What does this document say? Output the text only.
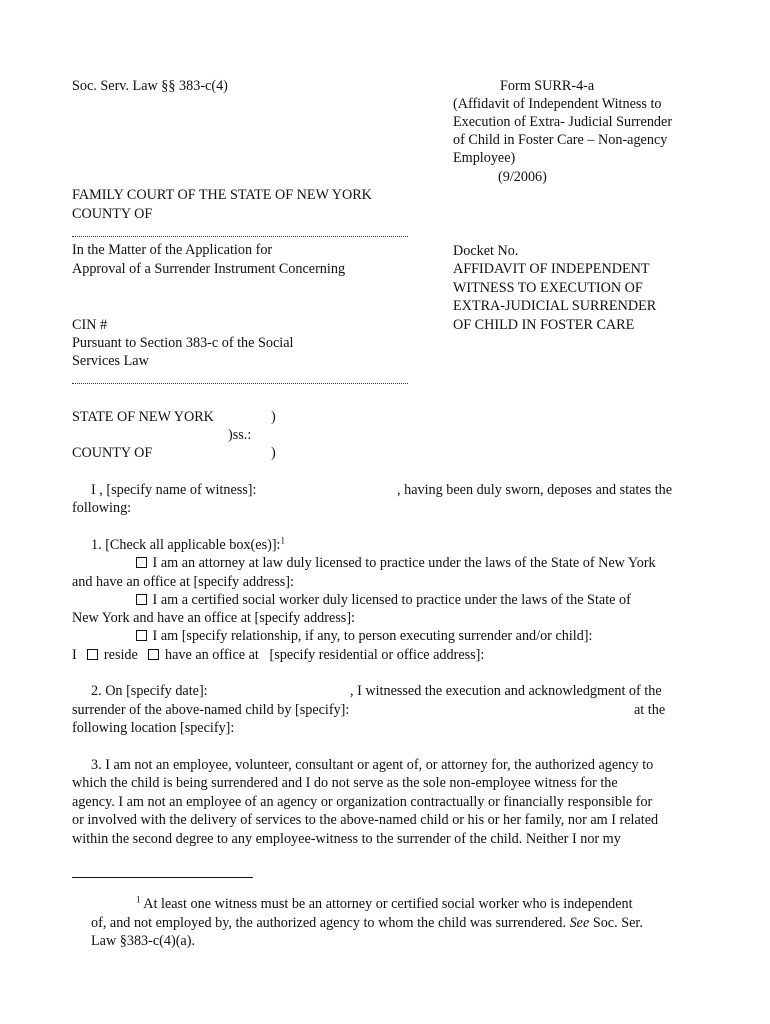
Soc. Serv. Law §§ 383-c(4)	Form SURR-4-a
(Affidavit of Independent Witness to
Execution of Extra- Judicial Surrender
of Child in Foster Care – Non-agency
Employee)
(9/2006)
FAMILY COURT OF THE STATE OF NEW YORK
COUNTY OF
In the Matter of the Application for
Approval of a Surrender Instrument Concerning
CIN #
Pursuant to Section 383-c of the Social
Services Law
Docket No.
AFFIDAVIT OF INDEPENDENT
WITNESS TO EXECUTION OF
EXTRA-JUDICIAL SURRENDER
OF CHILD IN FOSTER CARE
STATE OF NEW YORK	)
)ss.:
COUNTY OF	)
I , [specify name of witness]:	, having been duly sworn, deposes and states the
following:
1. [Check all applicable box(es)]:$^1$
I am an attorney at law duly licensed to practice under the laws of the State of New York
and have an office at [specify address]:
I am a certified social worker duly licensed to practice under the laws of the State of
New York and have an office at [specify address]:
I am [specify relationship, if any, to person executing surrender and/or child]:
I reside have an office at [specify residential or office address]:
2. On [specify date]:	, I witnessed the execution and acknowledgment of the
surrender of the above-named child by [specify]:	at the
following location [specify]:
3. I am not an employee, volunteer, consultant or agent of, or attorney for, the authorized agency to
which the child is being surrendered and I do not serve as the sole non-employee witness for the
agency. I am not an employee of an agency or organization contractually or financially responsible for
or involved with the delivery of services to the above-named child or his or her family, nor am I related
within the second degree to any employee-witness to the surrender of the child. Neither I nor my
$^1$ At least one witness must be an attorney or certified social worker who is independent
of, and not employed by, the authorized agency to whom the child was surrendered. See Soc. Ser.
Law §383-c(4)(a).
